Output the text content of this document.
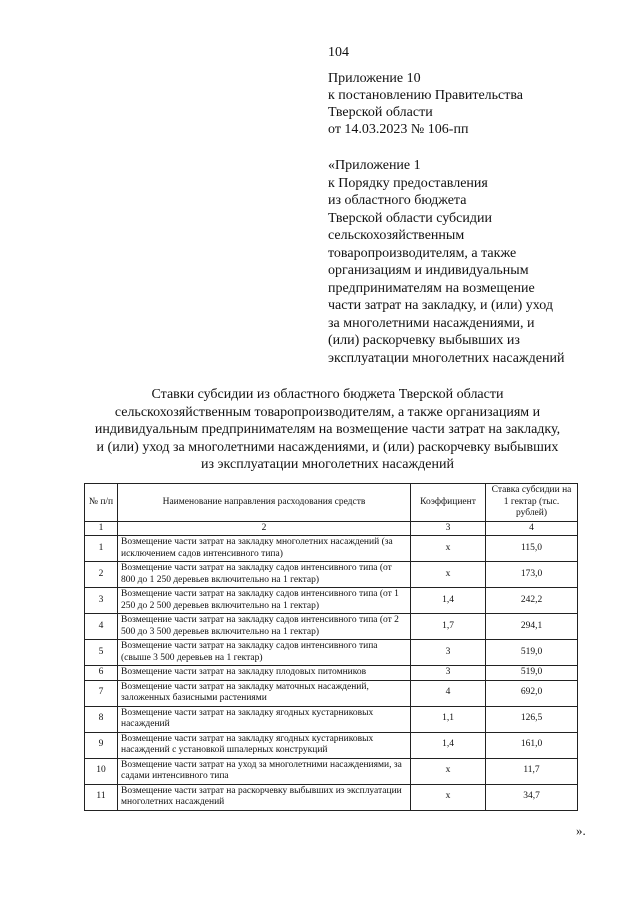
104
Приложение 10
к постановлению Правительства
Тверской области
от 14.03.2023 № 106-пп
«Приложение 1
к Порядку предоставления
из областного бюджета
Тверской области субсидии
сельскохозяйственным
товаропроизводителям, а также
организациям и индивидуальным
предпринимателям на возмещение
части затрат на закладку, и (или) уход
за многолетними насаждениями, и
(или) раскорчевку выбывших из
эксплуатации многолетних насаждений
Ставки субсидии из областного бюджета Тверской области
сельскохозяйственным товаропроизводителям, а также организациям и
индивидуальным предпринимателям на возмещение части затрат на закладку,
и (или) уход за многолетними насаждениями, и (или) раскорчевку выбывших
из эксплуатации многолетних насаждений
№ п/п	Наименование направления расходования средств	Коэффициент	Ставка субсидии на 1 гектар (тыс. рублей)
1	2	3	4
1	Возмещение части затрат на закладку многолетних насаждений (за исключением садов интенсивного типа)	x	115,0
2	Возмещение части затрат на закладку садов интенсивного типа (от 800 до 1 250 деревьев включительно на 1 гектар)	x	173,0
3	Возмещение части затрат на закладку садов интенсивного типа (от 1 250 до 2 500 деревьев включительно на 1 гектар)	1,4	242,2
4	Возмещение части затрат на закладку садов интенсивного типа (от 2 500 до 3 500 деревьев включительно на 1 гектар)	1,7	294,1
5	Возмещение части затрат на закладку садов интенсивного типа (свыше 3 500 деревьев на 1 гектар)	3	519,0
6	Возмещение части затрат на закладку плодовых питомников	3	519,0
7	Возмещение части затрат на закладку маточных насаждений, заложенных базисными растениями	4	692,0
8	Возмещение части затрат на закладку ягодных кустарниковых насаждений	1,1	126,5
9	Возмещение части затрат на закладку ягодных кустарниковых насаждений с установкой шпалерных конструкций	1,4	161,0
10	Возмещение части затрат на уход за многолетними насаждениями, за садами интенсивного типа	x	11,7
11	Возмещение части затрат на раскорчевку выбывших из эксплуатации многолетних насаждений	x	34,7
».
